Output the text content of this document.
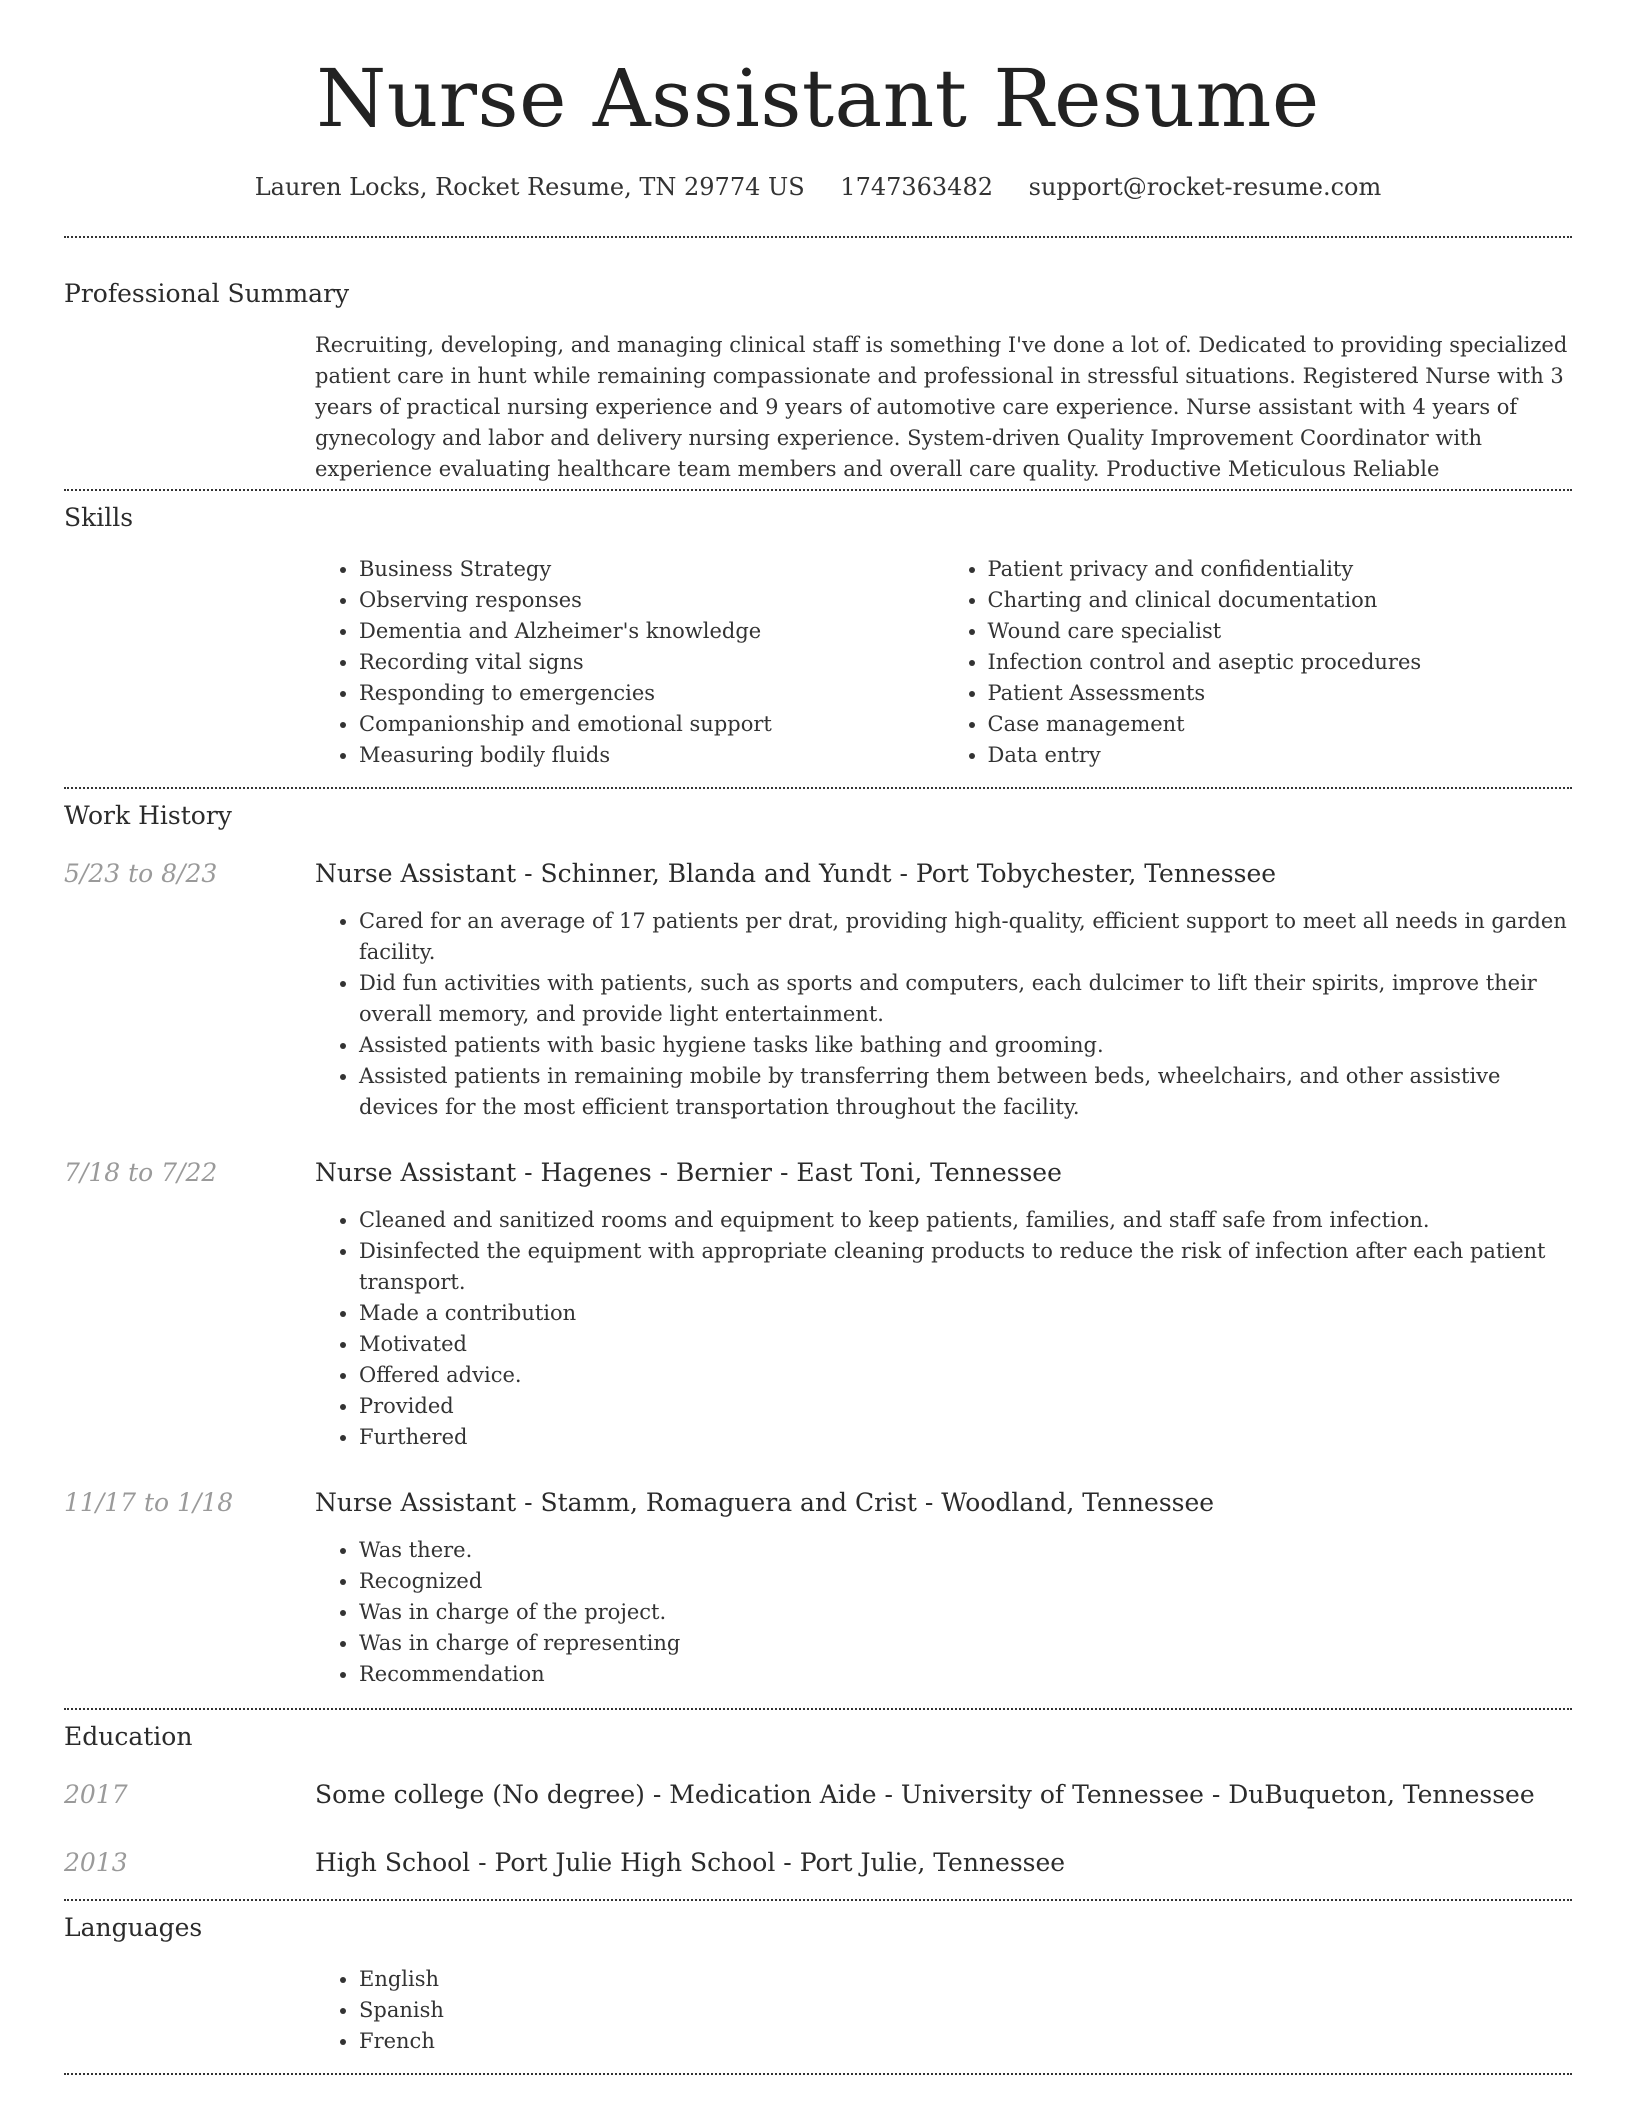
Nurse Assistant Resume
Lauren Locks, Rocket Resume, TN 29774 US 1747363482 support@rocket-resume.com
Professional Summary

Recruiting, developing, and managing clinical staff is something I've done a lot of. Dedicated to providing specialized patient care in hunt while remaining compassionate and professional in stressful situations. Registered Nurse with 3 years of practical nursing experience and 9 years of automotive care experience. Nurse assistant with 4 years of gynecology and labor and delivery nursing experience. System-driven Quality Improvement Coordinator with experience evaluating healthcare team members and overall care quality. Productive Meticulous Reliable

Skills
• Business Strategy
• Observing responses
• Dementia and Alzheimer's knowledge
• Recording vital signs
• Responding to emergencies
• Companionship and emotional support
• Measuring bodily fluids
• Patient privacy and confidentiality
• Charting and clinical documentation
• Wound care specialist
• Infection control and aseptic procedures
• Patient Assessments
• Case management
• Data entry
Work History
5/23 to 8/23	Nurse Assistant - Schinner, Blanda and Yundt - Port Tobychester, Tennessee
• Cared for an average of 17 patients per drat, providing high-quality, efficient support to meet all needs in garden facility.
• Did fun activities with patients, such as sports and computers, each dulcimer to lift their spirits, improve their overall memory, and provide light entertainment.
• Assisted patients with basic hygiene tasks like bathing and grooming.
• Assisted patients in remaining mobile by transferring them between beds, wheelchairs, and other assistive devices for the most efficient transportation throughout the facility.
7/18 to 7/22	Nurse Assistant - Hagenes - Bernier - East Toni, Tennessee
• Cleaned and sanitized rooms and equipment to keep patients, families, and staff safe from infection.
• Disinfected the equipment with appropriate cleaning products to reduce the risk of infection after each patient transport.
• Made a contribution
• Motivated
• Offered advice.
• Provided
• Furthered
11/17 to 1/18	Nurse Assistant - Stamm, Romaguera and Crist - Woodland, Tennessee
• Was there.
• Recognized
• Was in charge of the project.
• Was in charge of representing
• Recommendation
Education
2017	Some college (No degree) - Medication Aide - University of Tennessee - DuBuqueton, Tennessee
2013	High School - Port Julie High School - Port Julie, Tennessee
Languages
• English
• Spanish
• French
